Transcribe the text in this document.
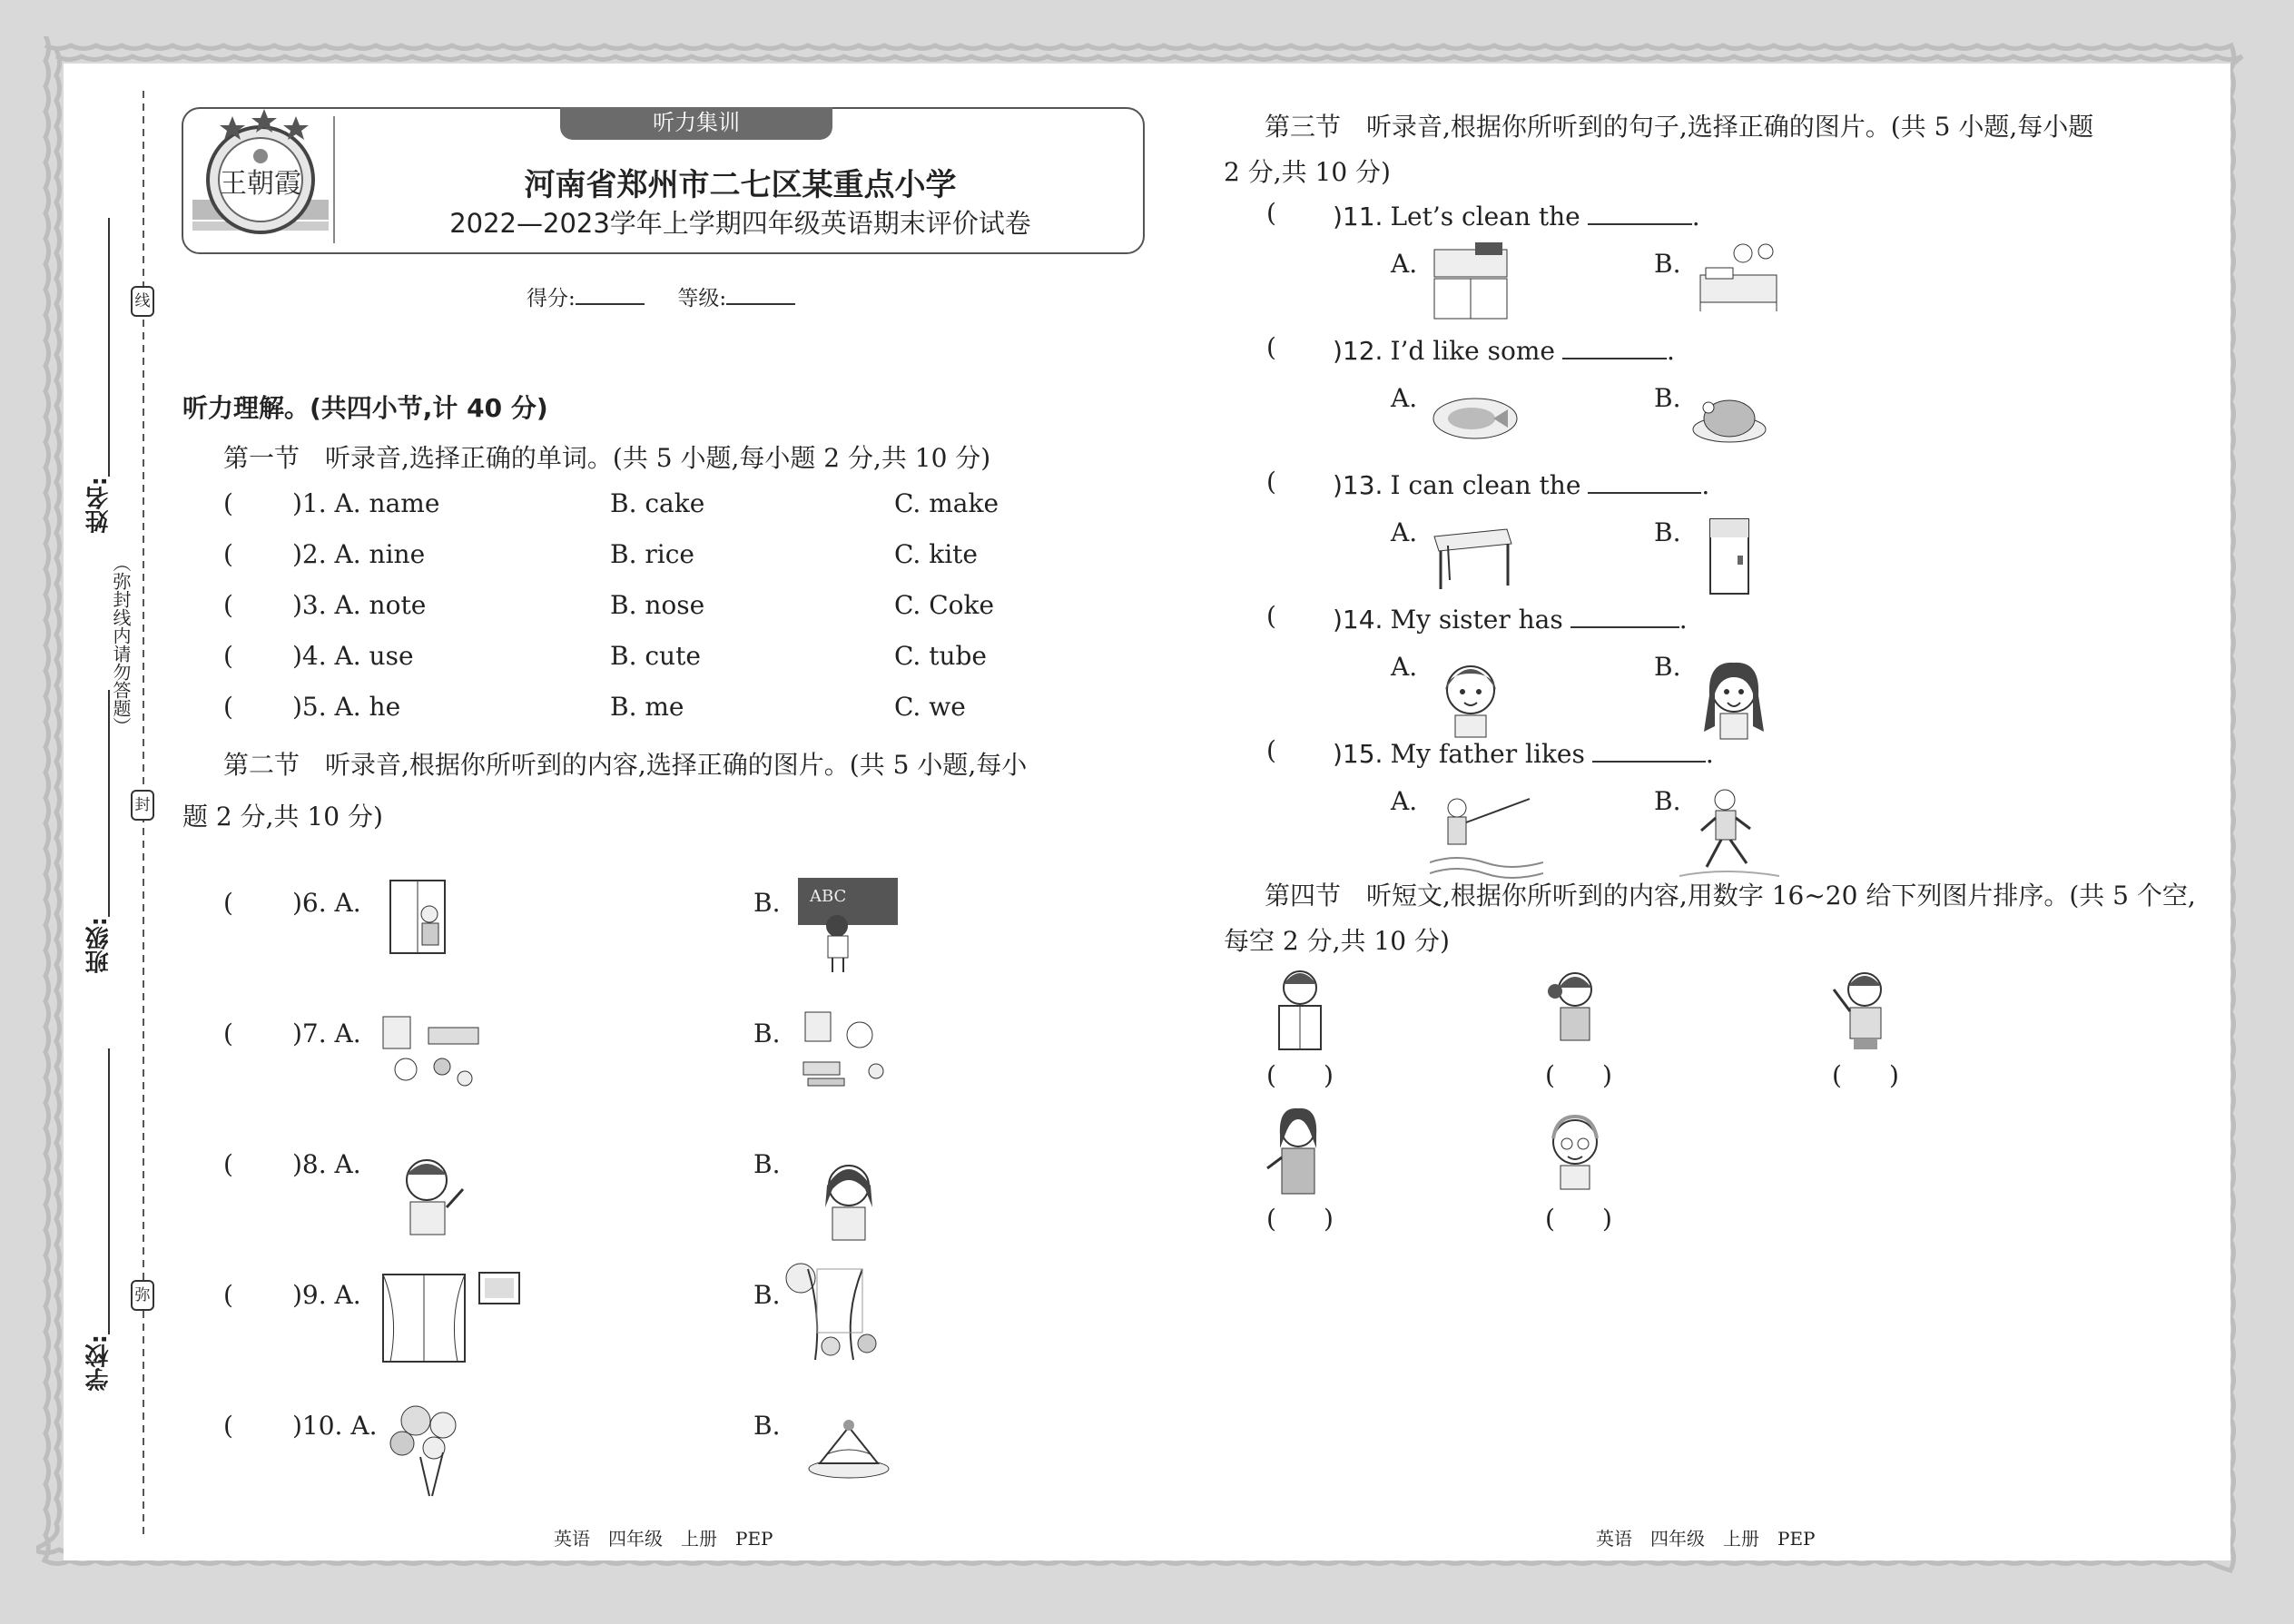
姓名:
班级:
学校:
（弥封线内请勿答题）
线
封
弥
王朝霞
听力集训
河南省郑州市二七区某重点小学
2022—2023学年上学期四年级英语期末评价试卷
得分:	等级:
听力理解。(共四小节,计 40 分)
第一节　听录音,选择正确的单词。(共 5 小题,每小题 2 分,共 10 分)
( )1. A. name	B. cake	C. make
( )2. A. nine	B. rice	C. kite
( )3. A. note	B. nose	C. Coke
( )4. A. use	B. cute	C. tube
( )5. A. he	B. me	C. we
第二节　听录音,根据你所听到的内容,选择正确的图片。(共 5 小题,每小
题 2 分,共 10 分)
( )6. A.	B.
( )7. A.	B.
( )8. A.	B.
( )9. A.	B.
( )10. A.	B.
ABC
第三节　听录音,根据你所听到的句子,选择正确的图片。(共 5 小题,每小题
2 分,共 10 分)
( )11. Let’s clean the	.
A.	B.
( )12. I’d like some	.
A.	B.
( )13. I can clean the	.
A.	B.
( )14. My sister has	.
A.	B.
( )15. My father likes	.
A.	B.
第四节　听短文,根据你所听到的内容,用数字 16~20 给下列图片排序。(共 5 个空,
每空 2 分,共 10 分)
( )	( )	( )
( )	( )
英语　四年级　上册　PEP	英语　四年级　上册　PEP
